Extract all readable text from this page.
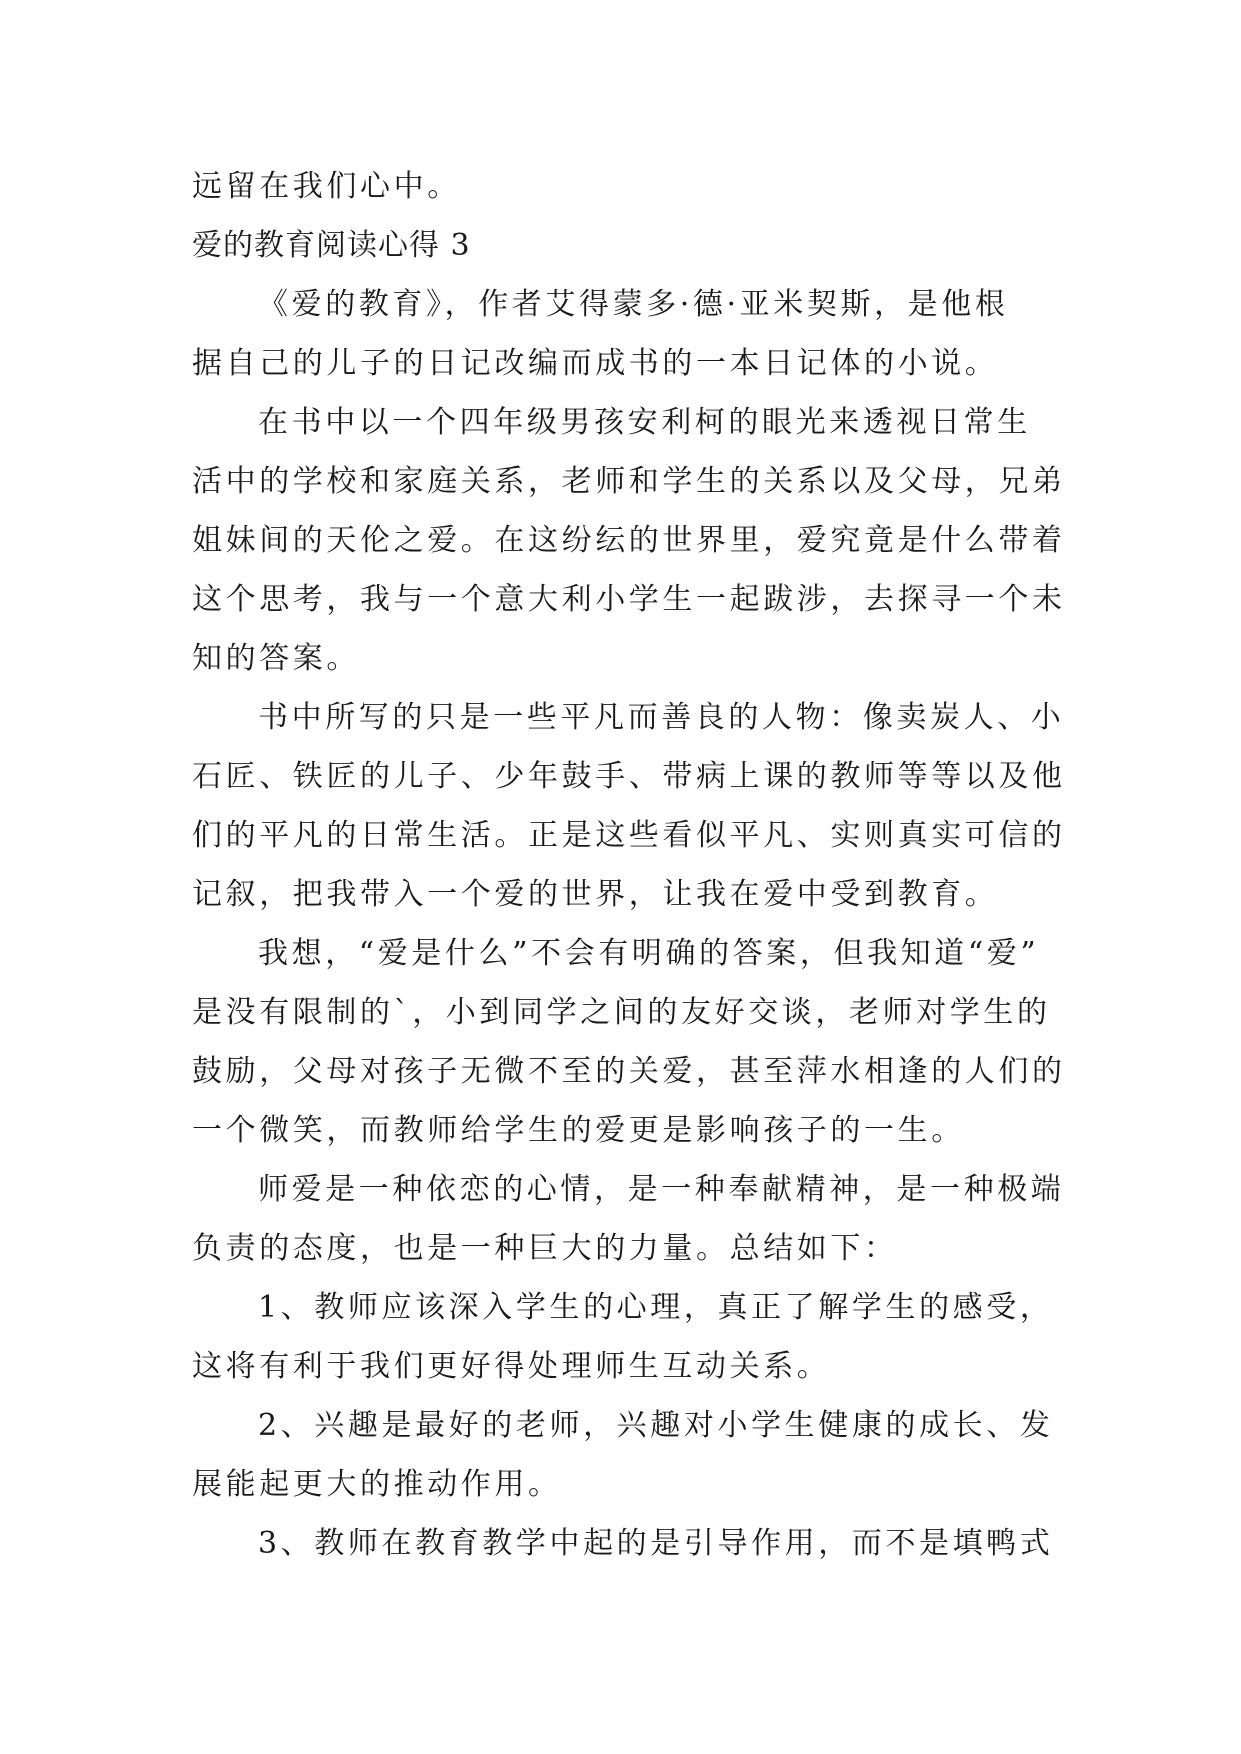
远留在我们心中。
爱的教育阅读心得 3
《爱的教育》，作者艾得蒙多·德·亚米契斯，是他根
据自己的儿子的日记改编而成书的一本日记体的小说。
在书中以一个四年级男孩安利柯的眼光来透视日常生
活中的学校和家庭关系，老师和学生的关系以及父母，兄弟
姐妹间的天伦之爱。在这纷纭的世界里，爱究竟是什么带着
这个思考，我与一个意大利小学生一起跋涉，去探寻一个未
知的答案。
书中所写的只是一些平凡而善良的人物：像卖炭人、小
石匠、铁匠的儿子、少年鼓手、带病上课的教师等等以及他
们的平凡的日常生活。正是这些看似平凡、实则真实可信的
记叙，把我带入一个爱的世界，让我在爱中受到教育。
我想，“爱是什么”不会有明确的答案，但我知道“爱”
是没有限制的`，小到同学之间的友好交谈，老师对学生的
鼓励，父母对孩子无微不至的关爱，甚至萍水相逢的人们的
一个微笑，而教师给学生的爱更是影响孩子的一生。
师爱是一种依恋的心情，是一种奉献精神，是一种极端
负责的态度，也是一种巨大的力量。总结如下：
1、教师应该深入学生的心理，真正了解学生的感受，
这将有利于我们更好得处理师生互动关系。
2、兴趣是最好的老师，兴趣对小学生健康的成长、发
展能起更大的推动作用。
3、教师在教育教学中起的是引导作用，而不是填鸭式
